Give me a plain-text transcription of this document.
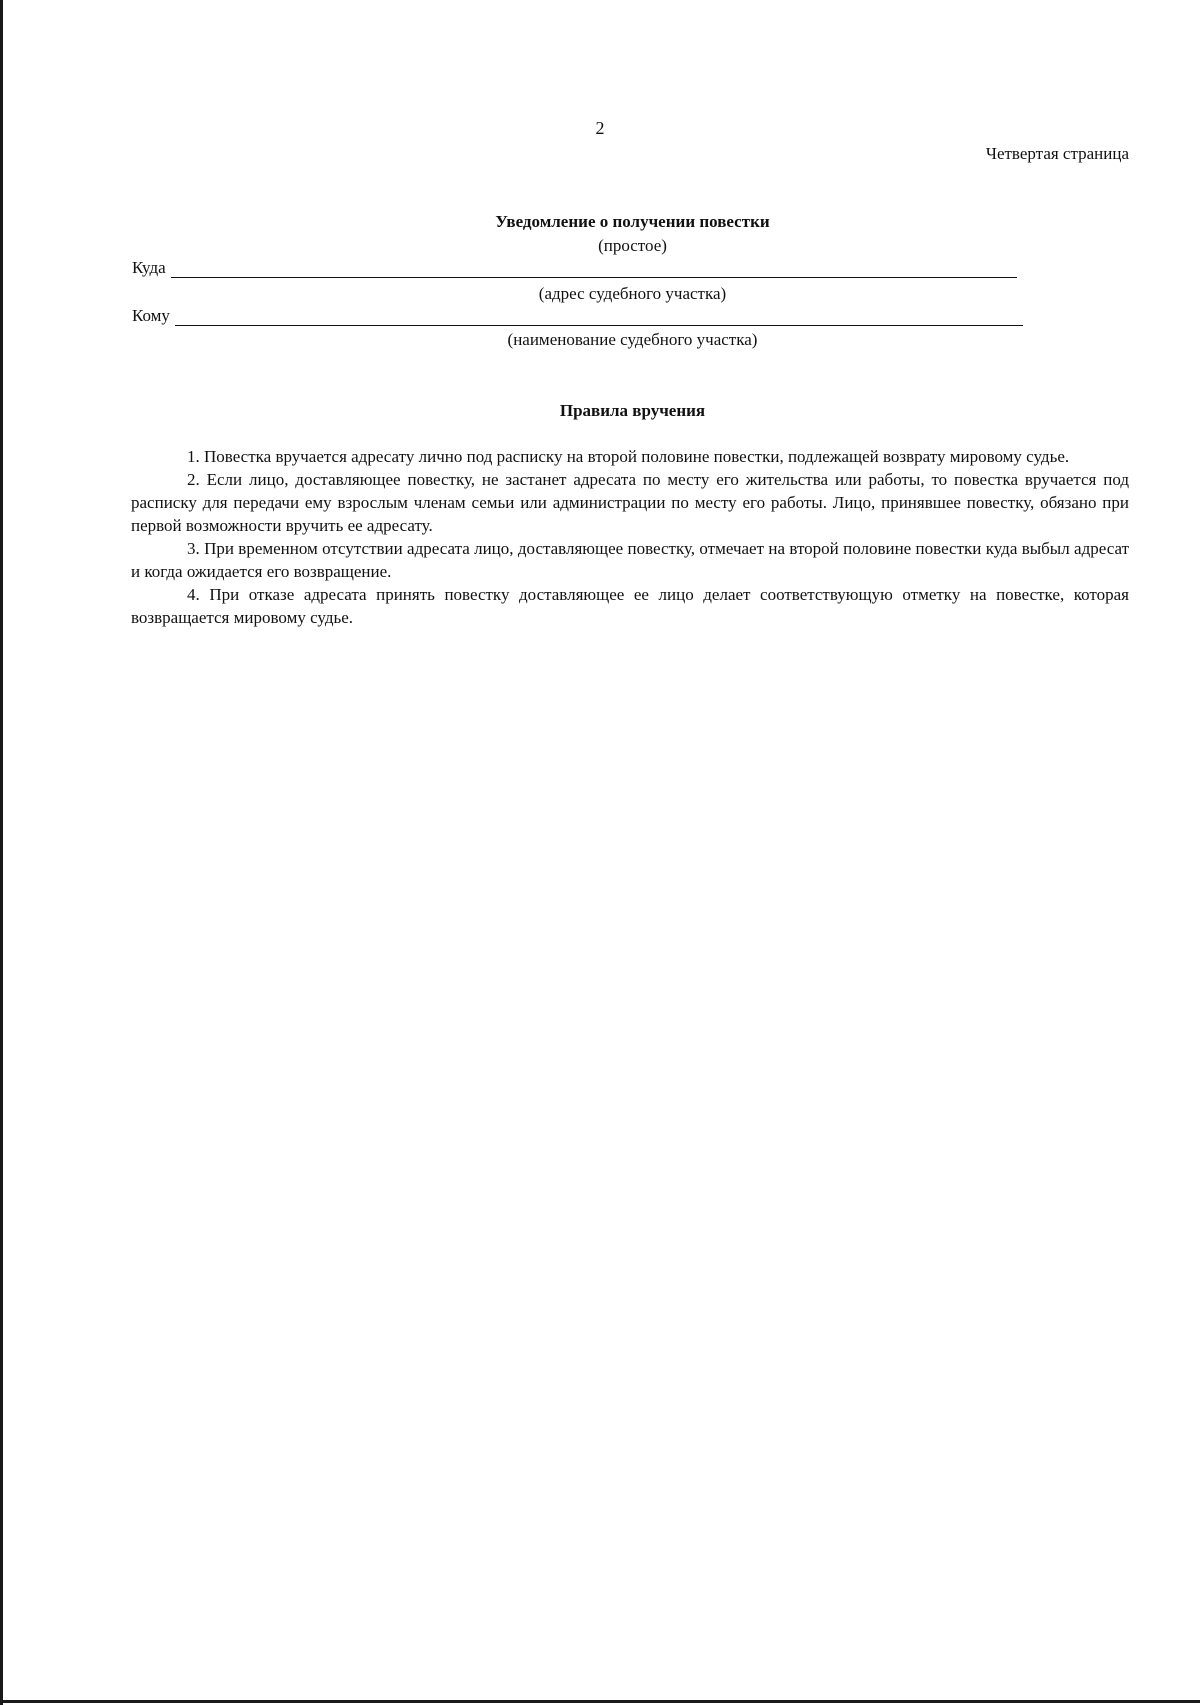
2
Четвертая страница
Уведомление о получении повестки
(простое)
Куда
(адрес судебного участка)
Кому
(наименование судебного участка)
Правила вручения

1. Повестка вручается адресату лично под расписку на второй половине повестки, подлежащей возврату мировому судье.

2. Если лицо, доставляющее повестку, не застанет адресата по месту его жительства или работы, то повестка вручается под расписку для передачи ему взрослым членам семьи или администрации по месту его работы. Лицо, принявшее повестку, обязано при первой возможности вручить ее адресату.

3. При временном отсутствии адресата лицо, доставляющее повестку, отмечает на второй половине повестки куда выбыл адресат и когда ожидается его возвращение.

4. При отказе адресата принять повестку доставляющее ее лицо делает соответствующую отметку на повестке, которая возвращается мировому судье.
